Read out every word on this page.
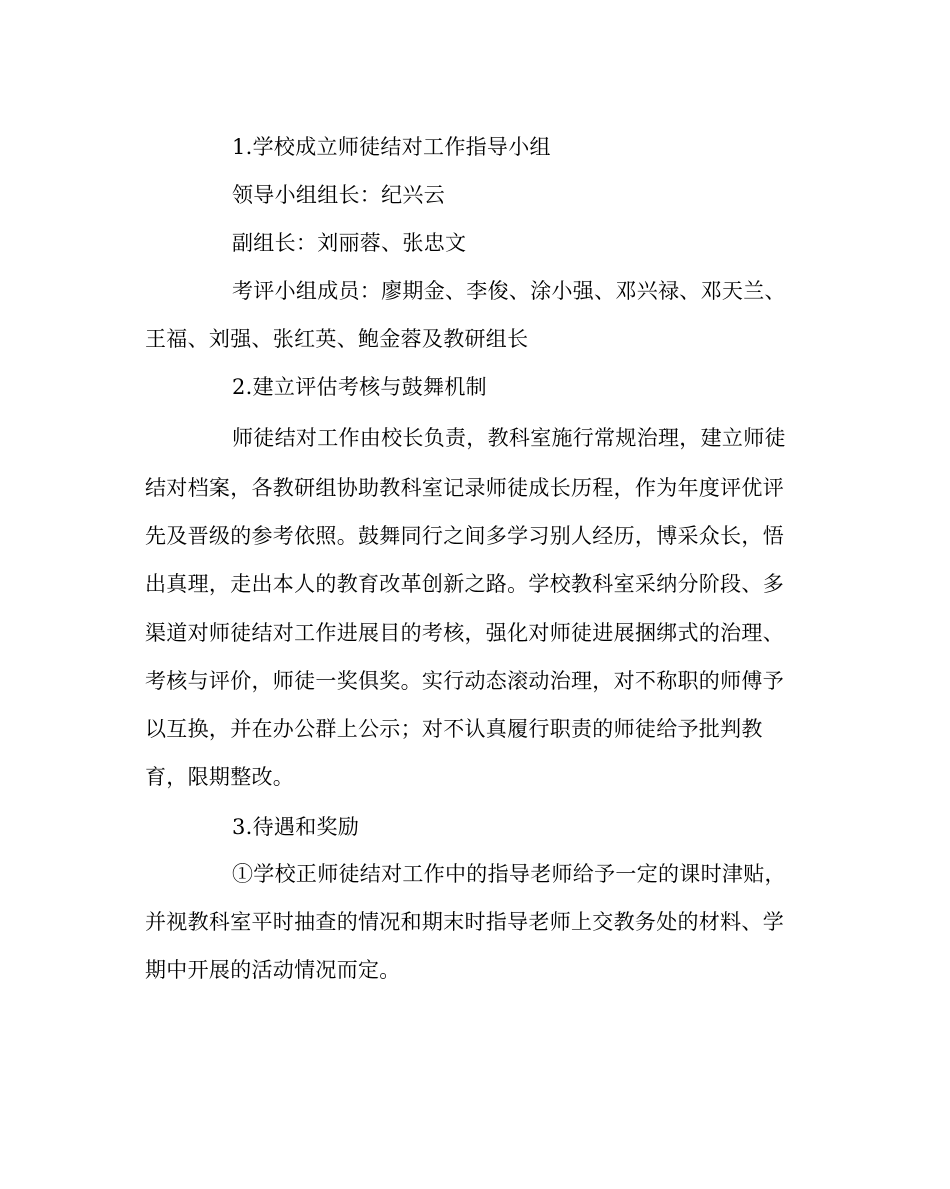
1.学校成立师徒结对工作指导小组
领导小组组长：纪兴云
副组长：刘丽蓉、张忠文
考评小组成员：廖期金、李俊、涂小强、邓兴禄、邓天兰、
王福、刘强、张红英、鲍金蓉及教研组长
2.建立评估考核与鼓舞机制
师徒结对工作由校长负责，教科室施行常规治理，建立师徒
结对档案，各教研组协助教科室记录师徒成长历程，作为年度评优评
先及晋级的参考依照。鼓舞同行之间多学习别人经历，博采众长，悟
出真理，走出本人的教育改革创新之路。学校教科室采纳分阶段、多
渠道对师徒结对工作进展目的考核，强化对师徒进展捆绑式的治理、
考核与评价，师徒一奖俱奖。实行动态滚动治理，对不称职的师傅予
以互换，并在办公群上公示；对不认真履行职责的师徒给予批判教
育，限期整改。
3.待遇和奖励
①学校正师徒结对工作中的指导老师给予一定的课时津贴，
并视教科室平时抽查的情况和期末时指导老师上交教务处的材料、学
期中开展的活动情况而定。
